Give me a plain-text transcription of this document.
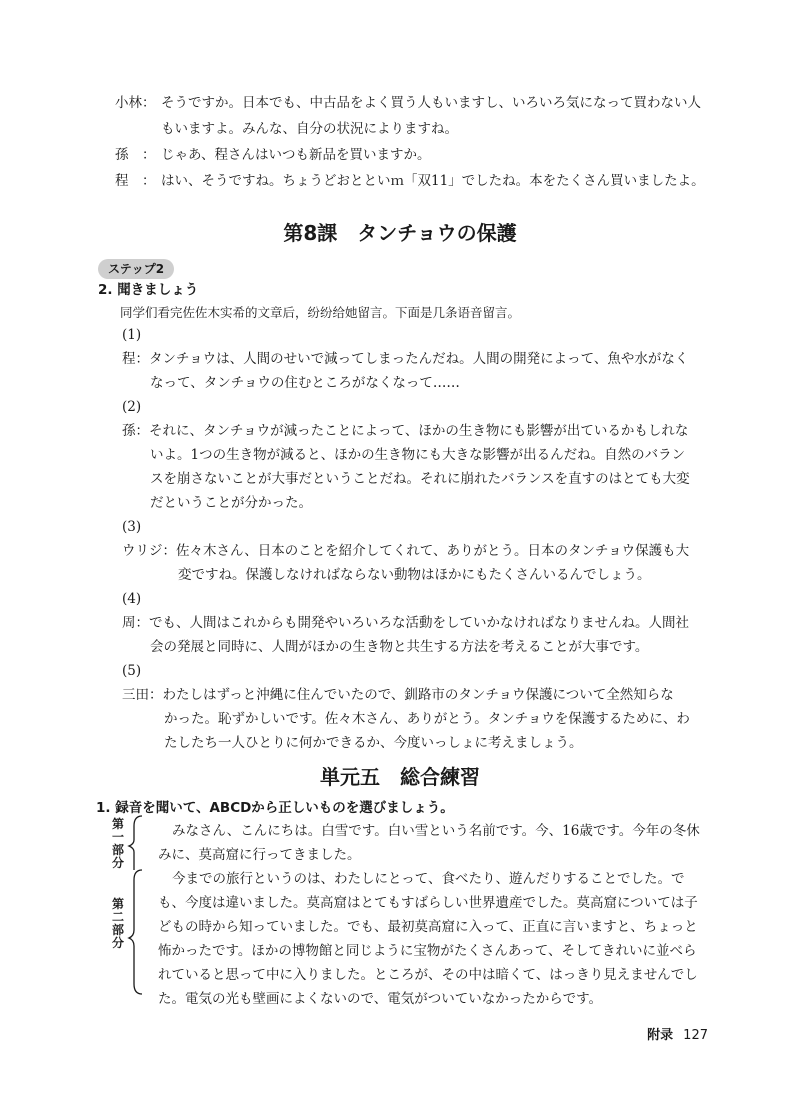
小林： そうですか。日本でも、中古品をよく買う人もいますし、いろいろ気になって買わない人
もいますよ。みんな、自分の状況によりますね。
孫　： じゃあ、程さんはいつも新品を買いますか。
程　： はい、そうですね。ちょうどおとといｍ「双11」でしたね。本をたくさん買いましたよ。
第8課　タンチョウの保護
ステップ2
2. 聞きましょう
同学们看完佐佐木实希的文章后，纷纷给她留言。下面是几条语音留言。
(1)
程：タンチョウは、人間のせいで減ってしまったんだね。人間の開発によって、魚や水がなく
なって、タンチョウの住むところがなくなって……
(2)
孫：それに、タンチョウが減ったことによって、ほかの生き物にも影響が出ているかもしれな
いよ。1つの生き物が減ると、ほかの生き物にも大きな影響が出るんだね。自然のバラン
スを崩さないことが大事だということだね。それに崩れたバランスを直すのはとても大変
だということが分かった。
(3)
ウリジ：佐々木さん、日本のことを紹介してくれて、ありがとう。日本のタンチョウ保護も大
変ですね。保護しなければならない動物はほかにもたくさんいるんでしょう。
(4)
周：でも、人間はこれからも開発やいろいろな活動をしていかなければなりませんね。人間社
会の発展と同時に、人間がほかの生き物と共生する方法を考えることが大事です。
(5)
三田：わたしはずっと沖縄に住んでいたので、釧路市のタンチョウ保護について全然知らな
かった。恥ずかしいです。佐々木さん、ありがとう。タンチョウを保護するために、わ
たしたち一人ひとりに何かできるか、今度いっしょに考えましょう。
単元五　総合練習
1. 録音を聞いて、ABCDから正しいものを選びましょう。
第一部分
第二部分
みなさん、こんにちは。白雪です。白い雪という名前です。今、16歳です。今年の冬休
みに、莫高窟に行ってきました。
今までの旅行というのは、わたしにとって、食べたり、遊んだりすることでした。で
も、今度は違いました。莫高窟はとてもすばらしい世界遺産でした。莫高窟については子
どもの時から知っていました。でも、最初莫高窟に入って、正直に言いますと、ちょっと
怖かったです。ほかの博物館と同じように宝物がたくさんあって、そしてきれいに並べら
れていると思って中に入りました。ところが、その中は暗くて、はっきり見えませんでし
た。電気の光も壁画によくないので、電気がついていなかったからです。
附录 127
